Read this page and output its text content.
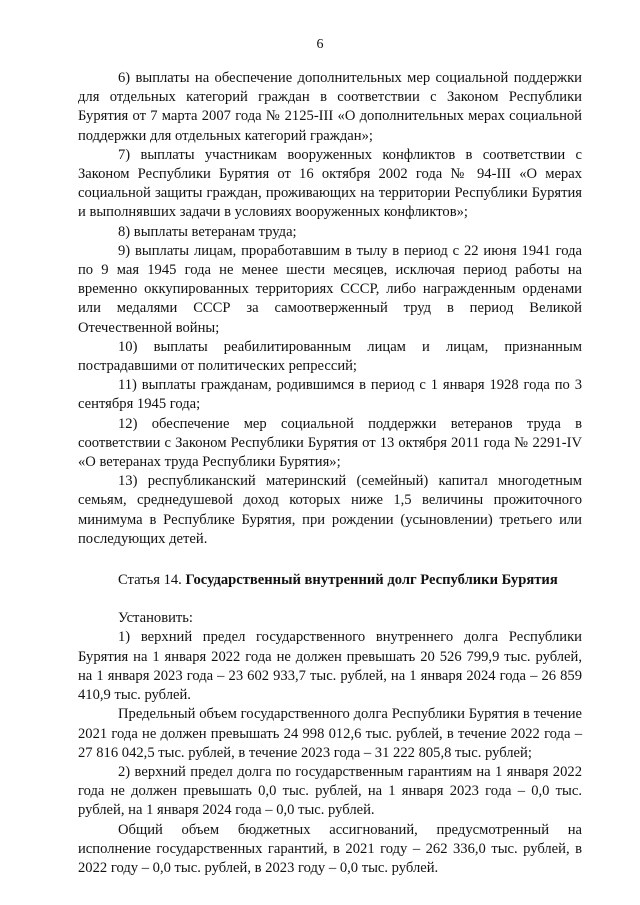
6

6) выплаты на обеспечение дополнительных мер социальной поддержки для отдельных категорий граждан в соответствии с Законом Республики Бурятия от 7 марта 2007 года № 2125-III «О дополнительных мерах социальной поддержки для отдельных категорий граждан»;

7) выплаты участникам вооруженных конфликтов в соответствии с Законом Республики Бурятия от 16 октября 2002 года № 94-III «О мерах социальной защиты граждан, проживающих на территории Республики Бурятия и выполнявших задачи в условиях вооруженных конфликтов»;

8) выплаты ветеранам труда;

9) выплаты лицам, проработавшим в тылу в период с 22 июня 1941 года по 9 мая 1945 года не менее шести месяцев, исключая период работы на временно оккупированных территориях СССР, либо награжденным орденами или медалями СССР за самоотверженный труд в период Великой Отечественной войны;

10) выплаты реабилитированным лицам и лицам, признанным пострадавшими от политических репрессий;

11) выплаты гражданам, родившимся в период с 1 января 1928 года по 3 сентября 1945 года;

12) обеспечение мер социальной поддержки ветеранов труда в соответствии с Законом Республики Бурятия от 13 октября 2011 года № 2291-IV «О ветеранах труда Республики Бурятия»;

13) республиканский материнский (семейный) капитал многодетным семьям, среднедушевой доход которых ниже 1,5 величины прожиточного минимума в Республике Бурятия, при рождении (усыновлении) третьего или последующих детей.

Статья 14. Государственный внутренний долг Республики Бурятия

Установить:

1) верхний предел государственного внутреннего долга Республики Бурятия на 1 января 2022 года не должен превышать 20 526 799,9 тыс. рублей, на 1 января 2023 года – 23 602 933,7 тыс. рублей, на 1 января 2024 года – 26 859 410,9 тыс. рублей.

Предельный объем государственного долга Республики Бурятия в течение 2021 года не должен превышать 24 998 012,6 тыс. рублей, в течение 2022 года – 27 816 042,5 тыс. рублей, в течение 2023 года – 31 222 805,8 тыс. рублей;

2) верхний предел долга по государственным гарантиям на 1 января 2022 года не должен превышать 0,0 тыс. рублей, на 1 января 2023 года – 0,0 тыс. рублей, на 1 января 2024 года – 0,0 тыс. рублей.

Общий объем бюджетных ассигнований, предусмотренный на исполнение государственных гарантий, в 2021 году – 262 336,0 тыс. рублей, в 2022 году – 0,0 тыс. рублей, в 2023 году – 0,0 тыс. рублей.
